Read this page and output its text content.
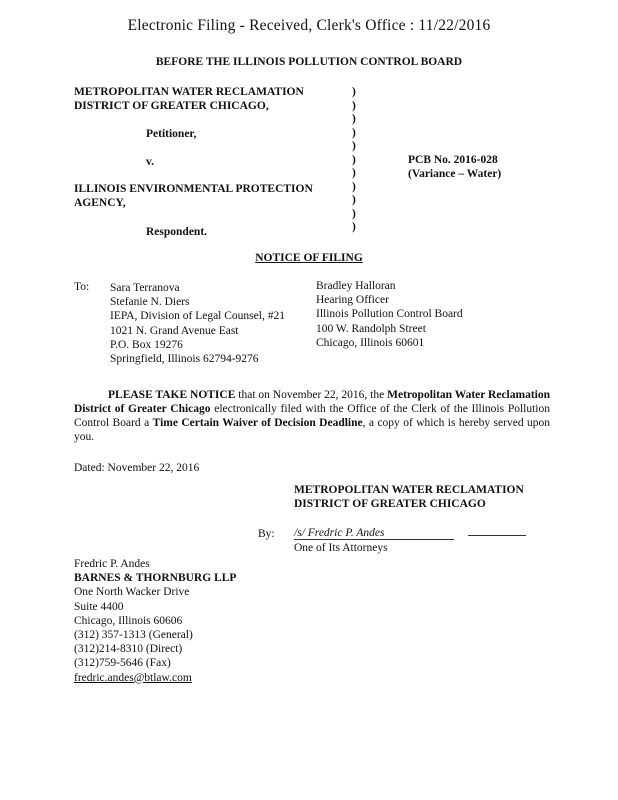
Electronic Filing - Received, Clerk's Office : 11/22/2016
BEFORE THE ILLINOIS POLLUTION CONTROL BOARD
METROPOLITAN WATER RECLAMATION
DISTRICT OF GREATER CHICAGO,
Petitioner,
v.
ILLINOIS ENVIRONMENTAL PROTECTION
AGENCY,
Respondent.
)
)
)
)
)
)
)
)
)
)
)
PCB No. 2016-028
(Variance – Water)
NOTICE OF FILING
To: Sara Terranova
Stefanie N. Diers
IEPA, Division of Legal Counsel, #21
1021 N. Grand Avenue East
P.O. Box 19276
Springfield, Illinois 62794-9276
Bradley Halloran
Hearing Officer
Illinois Pollution Control Board
100 W. Randolph Street
Chicago, Illinois 60601
PLEASE TAKE NOTICE that on November 22, 2016, the Metropolitan Water Reclamation District of Greater Chicago electronically filed with the Office of the Clerk of the Illinois Pollution Control Board a Time Certain Waiver of Decision Deadline, a copy of which is hereby served upon you.
Dated: November 22, 2016
METROPOLITAN WATER RECLAMATION
DISTRICT OF GREATER CHICAGO
By: /s/ Fredric P. Andes
One of Its Attorneys
Fredric P. Andes
BARNES & THORNBURG LLP
One North Wacker Drive
Suite 4400
Chicago, Illinois 60606
(312) 357-1313 (General)
(312)214-8310 (Direct)
(312)759-5646 (Fax)
fredric.andes@btlaw.com
